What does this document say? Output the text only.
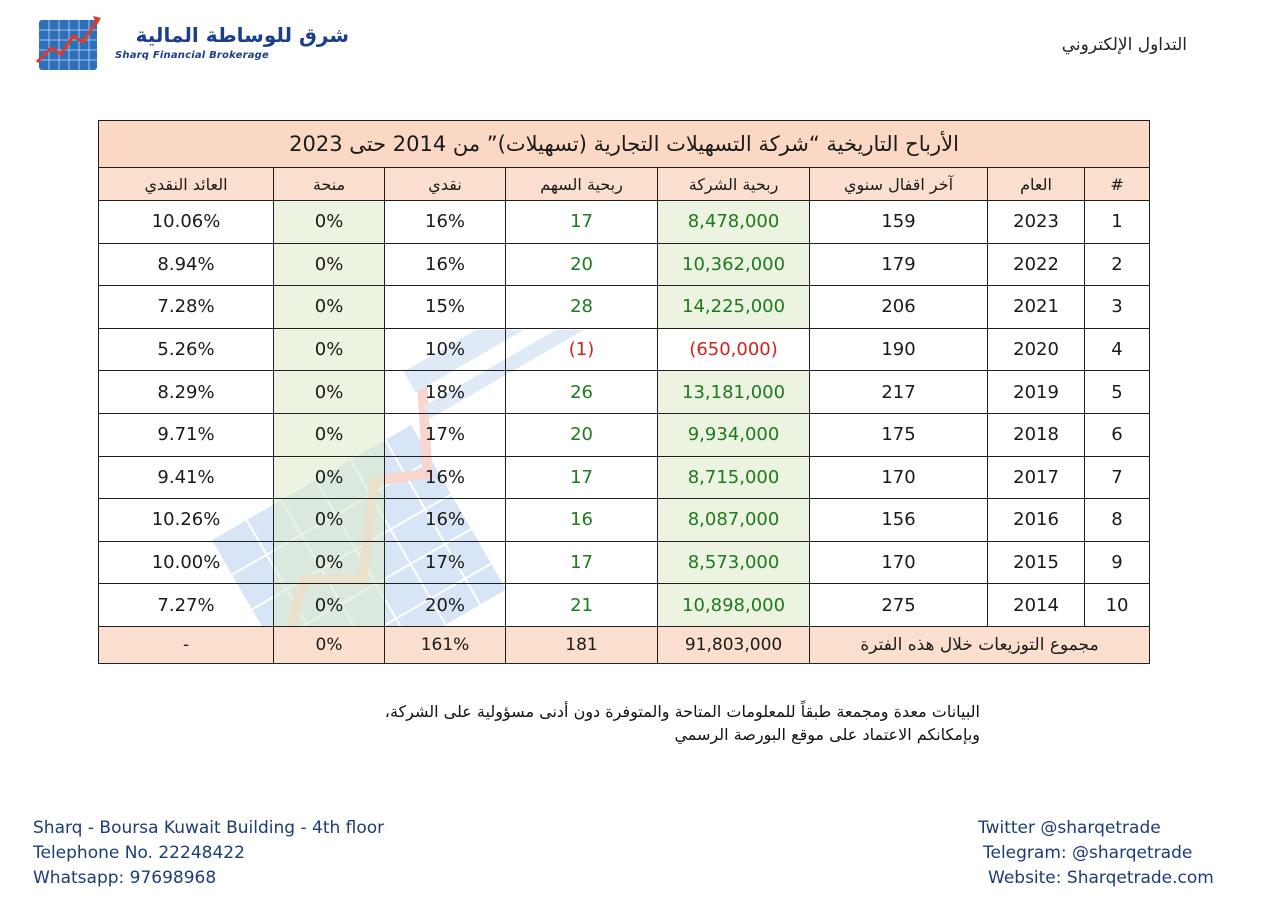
شرق للوساطة المالية
Sharq Financial Brokerage
التداول الإلكتروني
الأرباح التاريخية “شركة التسهيلات التجارية (تسهيلات)” من 2014 حتى 2023							
#	العام	آخر اقفال سنوي	ربحية الشركة	ربحية السهم	نقدي	منحة	العائد النقدي
1	2023	159	8,478,000	17	16%	0%	10.06%
2	2022	179	10,362,000	20	16%	0%	8.94%
3	2021	206	14,225,000	28	15%	0%	7.28%
4	2020	190	(650,000)	(1)	10%	0%	5.26%
5	2019	217	13,181,000	26	18%	0%	8.29%
6	2018	175	9,934,000	20	17%	0%	9.71%
7	2017	170	8,715,000	17	16%	0%	9.41%
8	2016	156	8,087,000	16	16%	0%	10.26%
9	2015	170	8,573,000	17	17%	0%	10.00%
10	2014	275	10,898,000	21	20%	0%	7.27%
مجموع التوزيعات خلال هذه الفترة			91,803,000	181	161%	0%	-
البيانات معدة ومجمعة طبقاً للمعلومات المتاحة والمتوفرة دون أدنى مسؤولية على الشركة،
وبإمكانكم الاعتماد على موقع البورصة الرسمي
Sharq - Boursa Kuwait Building - 4th floor
Telephone No. 22248422
Whatsapp: 97698968
Twitter @sharqetrade
Telegram: @sharqetrade
Website: Sharqetrade.com
